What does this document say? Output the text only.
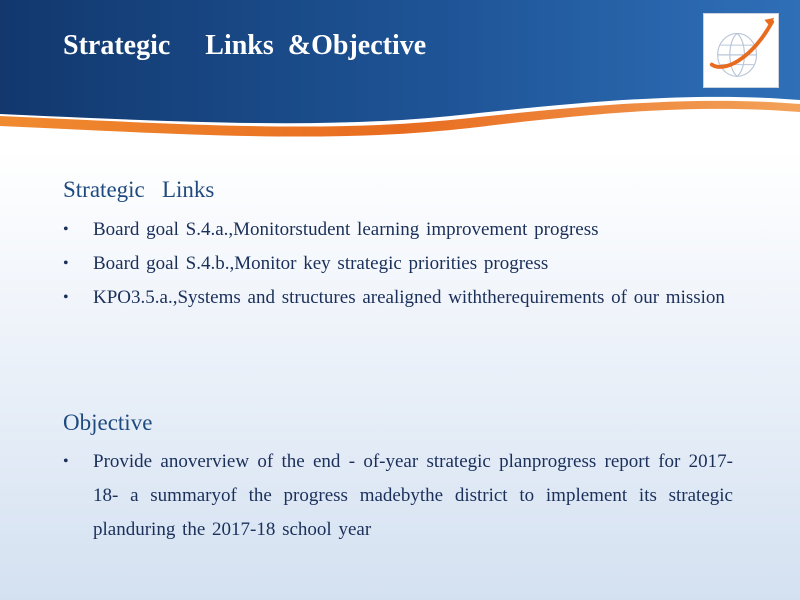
Strategic     Links  &Objective
Strategic   Links
• Board goal S.4.a.,Monitorstudent learning improvement progress
• Board goal S.4.b.,Monitor key strategic priorities progress
• KPO3.5.a.,Systems and structures arealigned withtherequirements of our mission
Objective
• Provide anoverview of the end - of-year strategic planprogress report for 2017-18- a summaryof the progress madebythe district to implement its strategic planduring the 2017-18 school year
